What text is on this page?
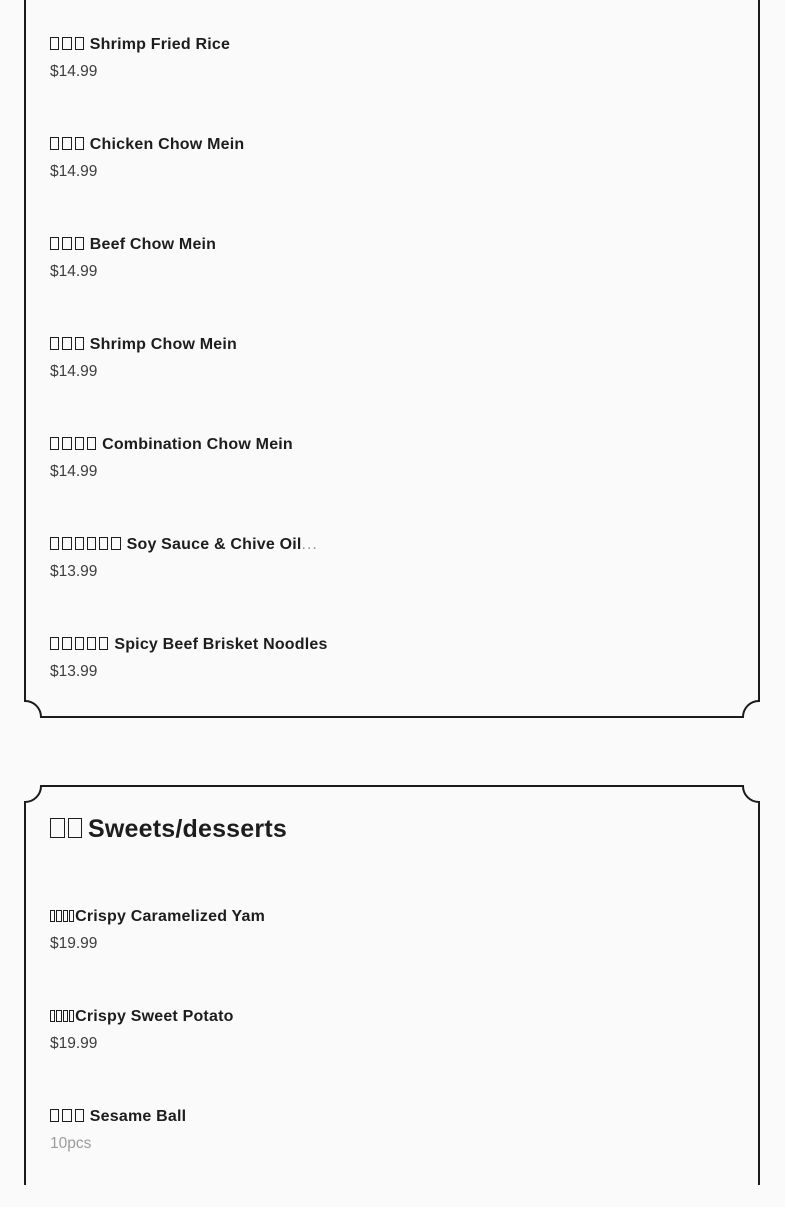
Shrimp Fried Rice
$14.99
Chicken Chow Mein
$14.99
Beef Chow Mein
$14.99
Shrimp Chow Mein
$14.99
Combination Chow Mein
$14.99
Soy Sauce & Chive Oil...
$13.99
Spicy Beef Brisket Noodles
$13.99
Sweets/desserts
Crispy Caramelized Yam
$19.99
Crispy Sweet Potato
$19.99
Sesame Ball
10pcs
